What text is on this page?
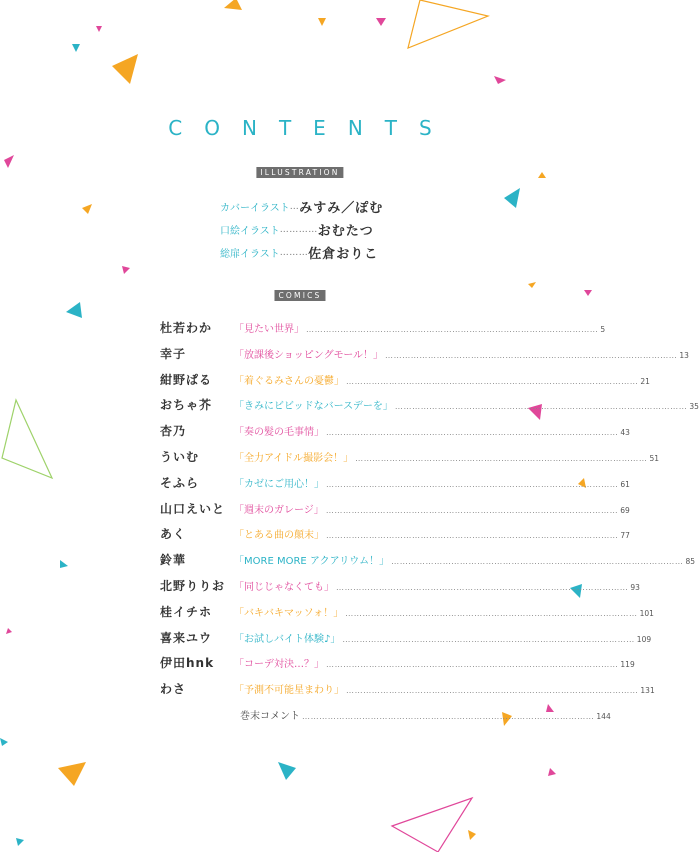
CONTENTS
ILLUSTRATION
カバーイラスト … みすみ／ぽむ
口絵イラスト ………… おむたつ
総扉イラスト ……… 佐倉おりこ
COMICS
杜若わか 「見たい世界」 ………………………………………………………………………………………… 5
幸子	「放課後ショッピングモール！」 ………………………………………………………………………………………… 13
紺野ぱる 「着ぐるみさんの憂鬱」 ………………………………………………………………………………………… 21
おちゃ芥 「きみにビビッドなバースデーを」 ………………………………………………………………………………………… 35
杏乃	「奏の髪の毛事情」 ………………………………………………………………………………………… 43
ういむ	「全力アイドル撮影会！」 ………………………………………………………………………………………… 51
そふら	「カゼにご用心！」 ………………………………………………………………………………………… 61
山口えいと 「週末のガレージ」 ………………………………………………………………………………………… 69
あく	「とある曲の顛末」 ………………………………………………………………………………………… 77
鈴華	「MORE MORE アクアリウム！」 ………………………………………………………………………………………… 85
北野りりお 「同じじゃなくても」 ………………………………………………………………………………………… 93
桂イチホ 「バキバキマッソォ！」 ………………………………………………………………………………………… 101
喜来ユウ 「お試しバイト体験♪」 ………………………………………………………………………………………… 109
伊田hnk 「コーデ対決…？」 ………………………………………………………………………………………… 119
わさ	「予測不可能星まわり」 ………………………………………………………………………………………… 131
巻末コメント ………………………………………………………………………………………… 144
